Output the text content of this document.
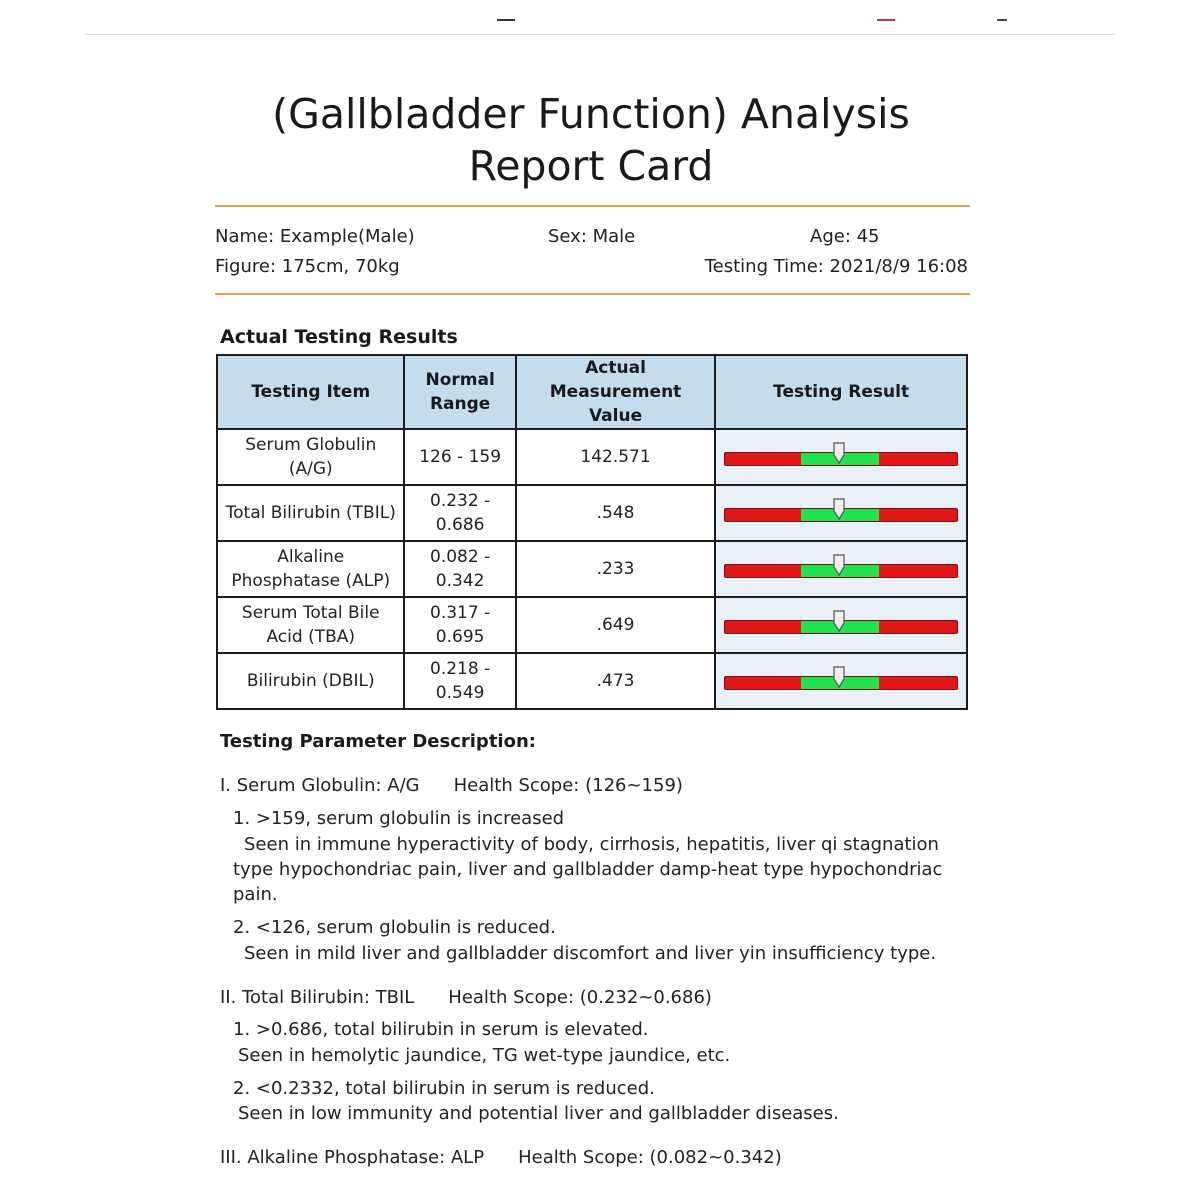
(Gallbladder Function) Analysis Report Card
Name: Example(Male)	Sex: Male	Age: 45
Figure: 175cm, 70kg	Testing Time: 2021/8/9 16:08
Actual Testing Results
Testing Item	Normal Range	Actual Measurement Value	Testing Result
Serum Globulin (A/G)	126 - 159	142.571	

Total Bilirubin (TBIL)	0.232 - 0.686	.548	

Alkaline Phosphatase (ALP)	0.082 - 0.342	.233	

Serum Total Bile Acid (TBA)	0.317 - 0.695	.649	

Bilirubin (DBIL)	0.218 - 0.549	.473	
Testing Parameter Description:
I. Serum Globulin: A/G Health Scope: (126~159)
1. >159, serum globulin is increased
Seen in immune hyperactivity of body, cirrhosis, hepatitis, liver qi stagnation
type hypochondriac pain, liver and gallbladder damp-heat type hypochondriac
pain.
2. <126, serum globulin is reduced.
Seen in mild liver and gallbladder discomfort and liver yin insufficiency type.
II. Total Bilirubin: TBIL Health Scope: (0.232~0.686)
1. >0.686, total bilirubin in serum is elevated.
Seen in hemolytic jaundice, TG wet-type jaundice, etc.
2. <0.2332, total bilirubin in serum is reduced.
Seen in low immunity and potential liver and gallbladder diseases.
III. Alkaline Phosphatase: ALP Health Scope: (0.082~0.342)
